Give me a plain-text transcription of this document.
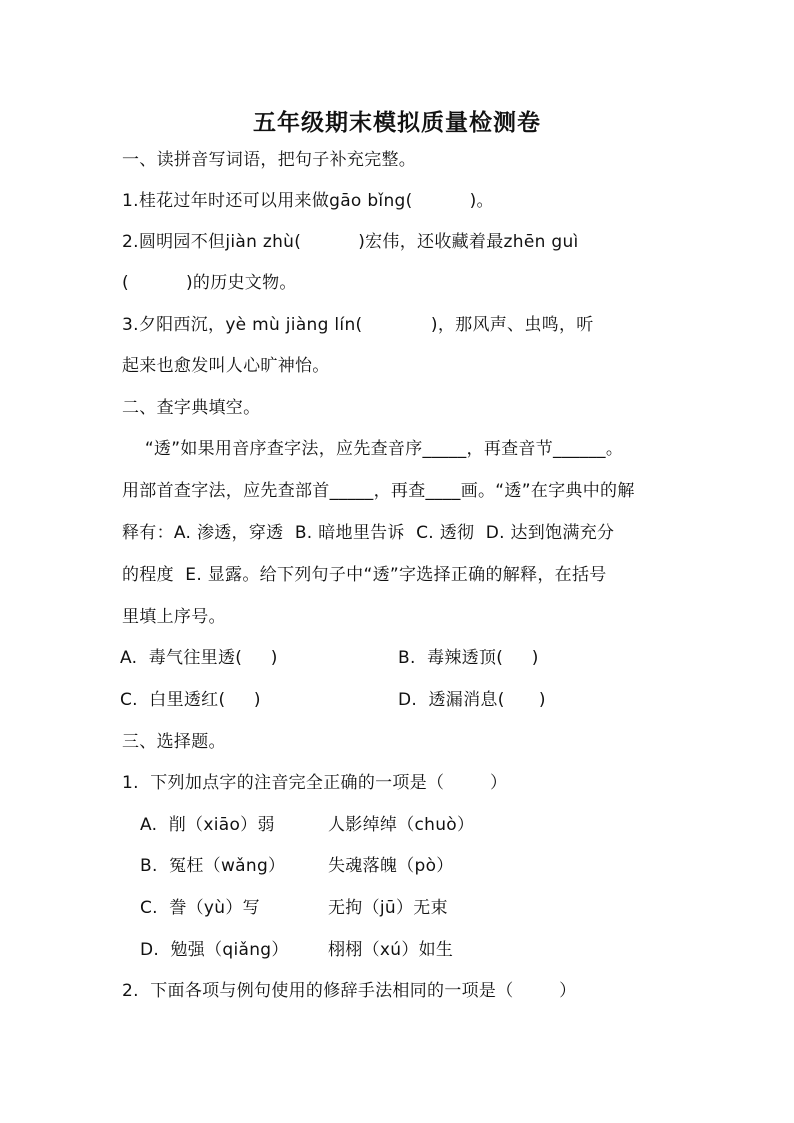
五年级期末模拟质量检测卷
一、读拼音写词语，把句子补充完整。
1.桂花过年时还可以用来做gāo bǐng(          )。
2.圆明园不但jiàn zhù(          )宏伟，还收藏着最zhēn guì
(          )的历史文物。
3.夕阳西沉，yè mù jiàng lín(            )，那风声、虫鸣，听
起来也愈发叫人心旷神怡。
二、查字典填空。
“透”如果用音序查字法，应先查音序_____，再查音节______。
用部首查字法，应先查部首_____，再查____画。“透”在字典中的解
释有：A. 渗透，穿透  B. 暗地里告诉  C. 透彻  D. 达到饱满充分
的程度  E. 显露。给下列句子中“透”字选择正确的解释，在括号
里填上序号。
A.  毒气往里透(     )	B.  毒辣透顶(     )
C.  白里透红(     )	D.  透漏消息(      )
三、选择题。
1.  下列加点字的注音完全正确的一项是（        ）
A.  削（xiāo）弱	人影绰绰（chuò）
B.  冤枉（wǎng）	失魂落魄（pò）
C.  誊（yù）写	无拘（jū）无束
D.  勉强（qiǎng） 栩栩（xú）如生
2.  下面各项与例句使用的修辞手法相同的一项是（        ）
